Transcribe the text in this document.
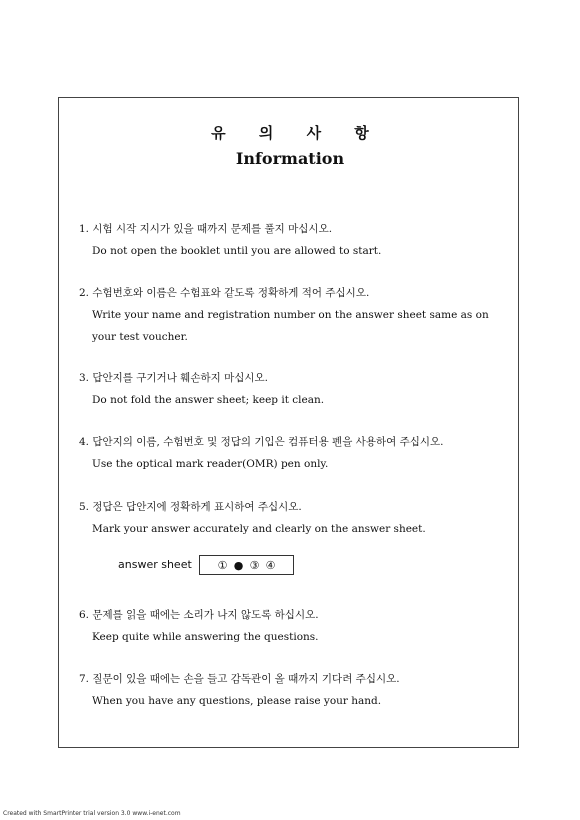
유 의 사 항
Information
1. 시험 시작 지시가 있을 때까지 문제를 풀지 마십시오.
Do not open the booklet until you are allowed to start.
2. 수험번호와 이름은 수험표와 같도록 정확하게 적어 주십시오.
Write your name and registration number on the answer sheet same as on your test voucher.
3. 답안지를 구기거나 훼손하지 마십시오.
Do not fold the answer sheet; keep it clean.
4. 답안지의 이름, 수험번호 및 정답의 기입은 컴퓨터용 펜을 사용하여 주십시오.
Use the optical mark reader(OMR) pen only.
5. 정답은 답안지에 정확하게 표시하여 주십시오.
Mark your answer accurately and clearly on the answer sheet.
answer sheet ① ● ③ ④
6. 문제를 읽을 때에는 소리가 나지 않도록 하십시오.
Keep quite while answering the questions.
7. 질문이 있을 때에는 손을 들고 감독관이 올 때까지 기다려 주십시오.
When you have any questions, please raise your hand.
Created with SmartPrinter trial version 3.0 www.i-enet.com
